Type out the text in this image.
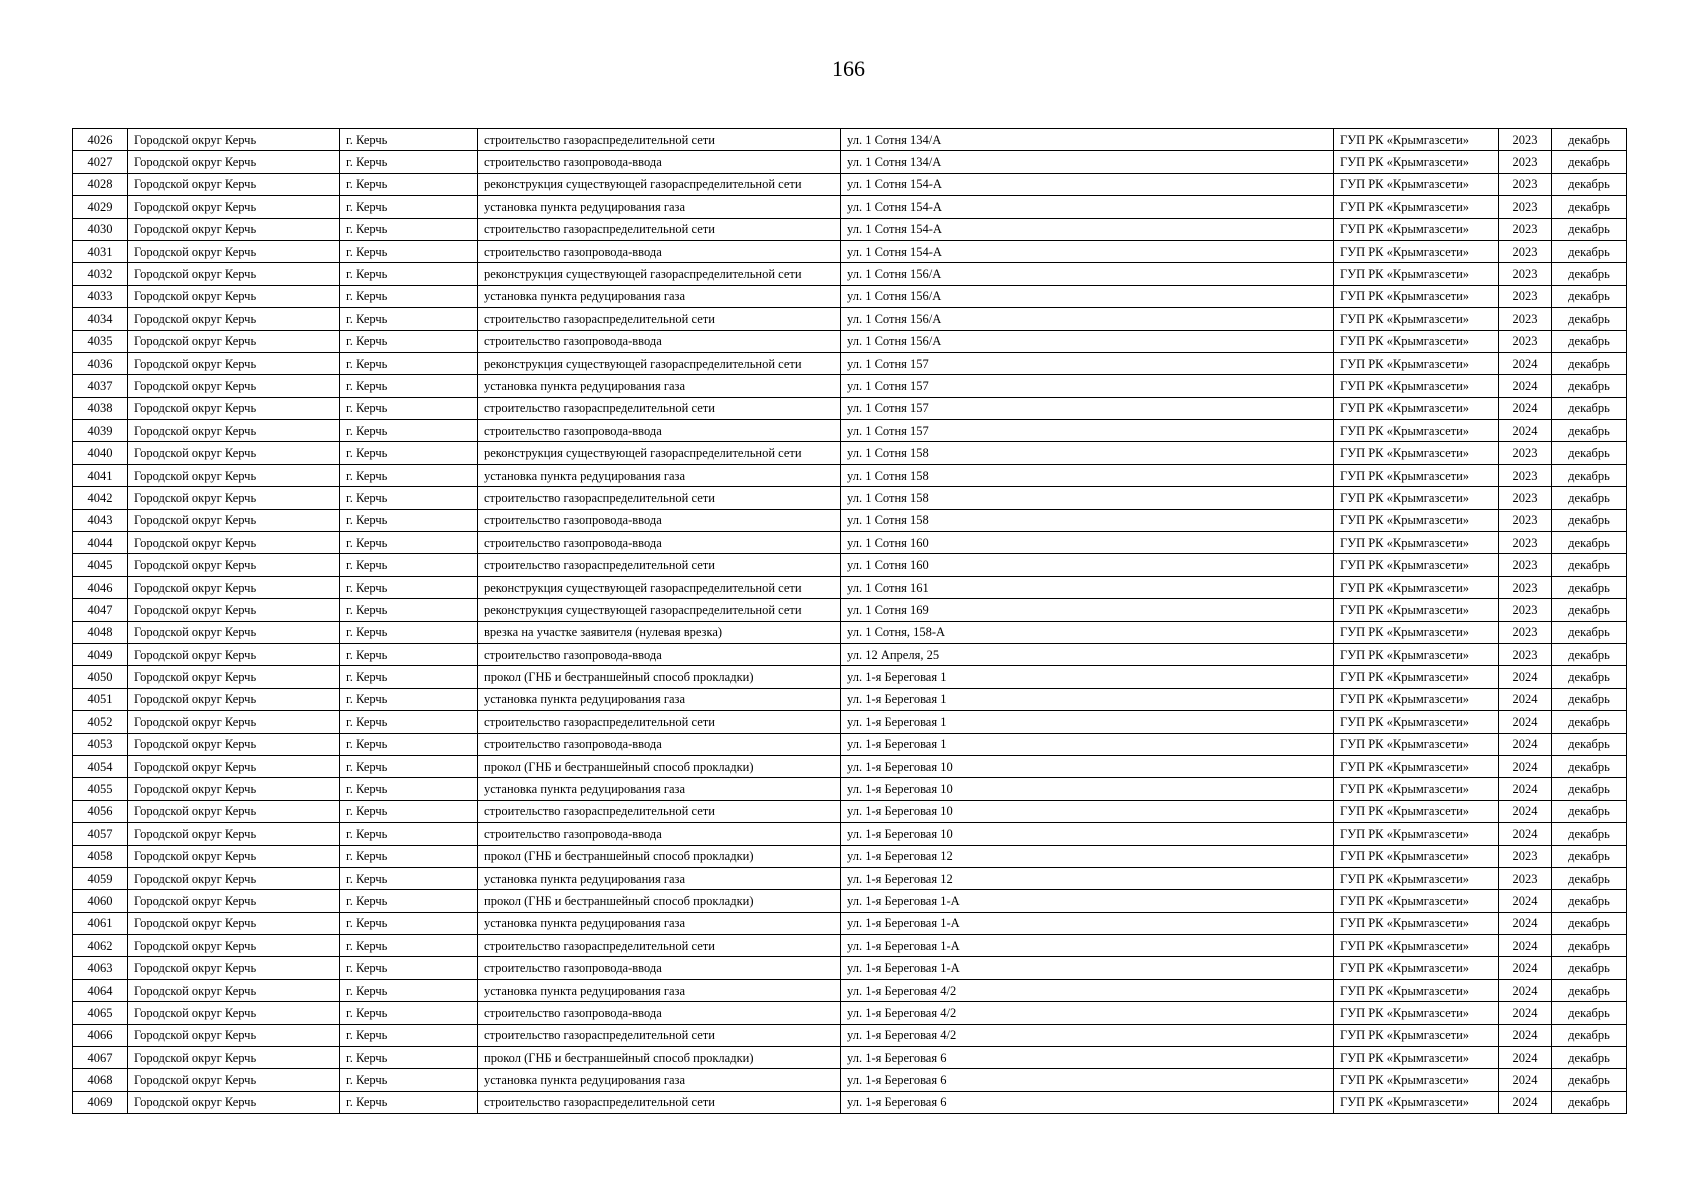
166
4026	Городской округ Керчь	г. Керчь	строительство газораспределительной сети	ул. 1 Сотня 134/А	ГУП РК «Крымгазсети»	2023	декабрь
4027	Городской округ Керчь	г. Керчь	строительство газопровода-ввода	ул. 1 Сотня 134/А	ГУП РК «Крымгазсети»	2023	декабрь
4028	Городской округ Керчь	г. Керчь	реконструкция существующей газораспределительной сети	ул. 1 Сотня 154-А	ГУП РК «Крымгазсети»	2023	декабрь
4029	Городской округ Керчь	г. Керчь	установка пункта редуцирования газа	ул. 1 Сотня 154-А	ГУП РК «Крымгазсети»	2023	декабрь
4030	Городской округ Керчь	г. Керчь	строительство газораспределительной сети	ул. 1 Сотня 154-А	ГУП РК «Крымгазсети»	2023	декабрь
4031	Городской округ Керчь	г. Керчь	строительство газопровода-ввода	ул. 1 Сотня 154-А	ГУП РК «Крымгазсети»	2023	декабрь
4032	Городской округ Керчь	г. Керчь	реконструкция существующей газораспределительной сети	ул. 1 Сотня 156/А	ГУП РК «Крымгазсети»	2023	декабрь
4033	Городской округ Керчь	г. Керчь	установка пункта редуцирования газа	ул. 1 Сотня 156/А	ГУП РК «Крымгазсети»	2023	декабрь
4034	Городской округ Керчь	г. Керчь	строительство газораспределительной сети	ул. 1 Сотня 156/А	ГУП РК «Крымгазсети»	2023	декабрь
4035	Городской округ Керчь	г. Керчь	строительство газопровода-ввода	ул. 1 Сотня 156/А	ГУП РК «Крымгазсети»	2023	декабрь
4036	Городской округ Керчь	г. Керчь	реконструкция существующей газораспределительной сети	ул. 1 Сотня 157	ГУП РК «Крымгазсети»	2024	декабрь
4037	Городской округ Керчь	г. Керчь	установка пункта редуцирования газа	ул. 1 Сотня 157	ГУП РК «Крымгазсети»	2024	декабрь
4038	Городской округ Керчь	г. Керчь	строительство газораспределительной сети	ул. 1 Сотня 157	ГУП РК «Крымгазсети»	2024	декабрь
4039	Городской округ Керчь	г. Керчь	строительство газопровода-ввода	ул. 1 Сотня 157	ГУП РК «Крымгазсети»	2024	декабрь
4040	Городской округ Керчь	г. Керчь	реконструкция существующей газораспределительной сети	ул. 1 Сотня 158	ГУП РК «Крымгазсети»	2023	декабрь
4041	Городской округ Керчь	г. Керчь	установка пункта редуцирования газа	ул. 1 Сотня 158	ГУП РК «Крымгазсети»	2023	декабрь
4042	Городской округ Керчь	г. Керчь	строительство газораспределительной сети	ул. 1 Сотня 158	ГУП РК «Крымгазсети»	2023	декабрь
4043	Городской округ Керчь	г. Керчь	строительство газопровода-ввода	ул. 1 Сотня 158	ГУП РК «Крымгазсети»	2023	декабрь
4044	Городской округ Керчь	г. Керчь	строительство газопровода-ввода	ул. 1 Сотня 160	ГУП РК «Крымгазсети»	2023	декабрь
4045	Городской округ Керчь	г. Керчь	строительство газораспределительной сети	ул. 1 Сотня 160	ГУП РК «Крымгазсети»	2023	декабрь
4046	Городской округ Керчь	г. Керчь	реконструкция существующей газораспределительной сети	ул. 1 Сотня 161	ГУП РК «Крымгазсети»	2023	декабрь
4047	Городской округ Керчь	г. Керчь	реконструкция существующей газораспределительной сети	ул. 1 Сотня 169	ГУП РК «Крымгазсети»	2023	декабрь
4048	Городской округ Керчь	г. Керчь	врезка на участке заявителя (нулевая врезка)	ул. 1 Сотня, 158-А	ГУП РК «Крымгазсети»	2023	декабрь
4049	Городской округ Керчь	г. Керчь	строительство газопровода-ввода	ул. 12 Апреля, 25	ГУП РК «Крымгазсети»	2023	декабрь
4050	Городской округ Керчь	г. Керчь	прокол (ГНБ и бестраншейный способ прокладки)	ул. 1-я Береговая 1	ГУП РК «Крымгазсети»	2024	декабрь
4051	Городской округ Керчь	г. Керчь	установка пункта редуцирования газа	ул. 1-я Береговая 1	ГУП РК «Крымгазсети»	2024	декабрь
4052	Городской округ Керчь	г. Керчь	строительство газораспределительной сети	ул. 1-я Береговая 1	ГУП РК «Крымгазсети»	2024	декабрь
4053	Городской округ Керчь	г. Керчь	строительство газопровода-ввода	ул. 1-я Береговая 1	ГУП РК «Крымгазсети»	2024	декабрь
4054	Городской округ Керчь	г. Керчь	прокол (ГНБ и бестраншейный способ прокладки)	ул. 1-я Береговая 10	ГУП РК «Крымгазсети»	2024	декабрь
4055	Городской округ Керчь	г. Керчь	установка пункта редуцирования газа	ул. 1-я Береговая 10	ГУП РК «Крымгазсети»	2024	декабрь
4056	Городской округ Керчь	г. Керчь	строительство газораспределительной сети	ул. 1-я Береговая 10	ГУП РК «Крымгазсети»	2024	декабрь
4057	Городской округ Керчь	г. Керчь	строительство газопровода-ввода	ул. 1-я Береговая 10	ГУП РК «Крымгазсети»	2024	декабрь
4058	Городской округ Керчь	г. Керчь	прокол (ГНБ и бестраншейный способ прокладки)	ул. 1-я Береговая 12	ГУП РК «Крымгазсети»	2023	декабрь
4059	Городской округ Керчь	г. Керчь	установка пункта редуцирования газа	ул. 1-я Береговая 12	ГУП РК «Крымгазсети»	2023	декабрь
4060	Городской округ Керчь	г. Керчь	прокол (ГНБ и бестраншейный способ прокладки)	ул. 1-я Береговая 1-А	ГУП РК «Крымгазсети»	2024	декабрь
4061	Городской округ Керчь	г. Керчь	установка пункта редуцирования газа	ул. 1-я Береговая 1-А	ГУП РК «Крымгазсети»	2024	декабрь
4062	Городской округ Керчь	г. Керчь	строительство газораспределительной сети	ул. 1-я Береговая 1-А	ГУП РК «Крымгазсети»	2024	декабрь
4063	Городской округ Керчь	г. Керчь	строительство газопровода-ввода	ул. 1-я Береговая 1-А	ГУП РК «Крымгазсети»	2024	декабрь
4064	Городской округ Керчь	г. Керчь	установка пункта редуцирования газа	ул. 1-я Береговая 4/2	ГУП РК «Крымгазсети»	2024	декабрь
4065	Городской округ Керчь	г. Керчь	строительство газопровода-ввода	ул. 1-я Береговая 4/2	ГУП РК «Крымгазсети»	2024	декабрь
4066	Городской округ Керчь	г. Керчь	строительство газораспределительной сети	ул. 1-я Береговая 4/2	ГУП РК «Крымгазсети»	2024	декабрь
4067	Городской округ Керчь	г. Керчь	прокол (ГНБ и бестраншейный способ прокладки)	ул. 1-я Береговая 6	ГУП РК «Крымгазсети»	2024	декабрь
4068	Городской округ Керчь	г. Керчь	установка пункта редуцирования газа	ул. 1-я Береговая 6	ГУП РК «Крымгазсети»	2024	декабрь
4069	Городской округ Керчь	г. Керчь	строительство газораспределительной сети	ул. 1-я Береговая 6	ГУП РК «Крымгазсети»	2024	декабрь
